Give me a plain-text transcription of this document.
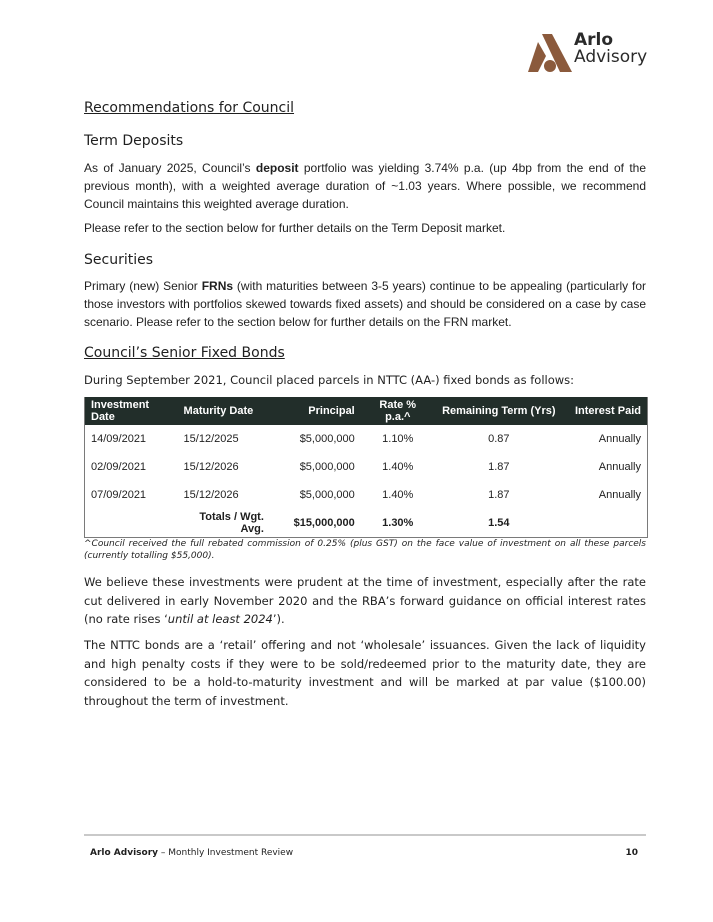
Arlo
Advisory
Recommendations for Council
Term Deposits

As of January 2025, Council’s deposit portfolio was yielding 3.74% p.a. (up 4bp from the end of the previous month), with a weighted average duration of ~1.03 years. Where possible, we recommend Council maintains this weighted average duration.

Please refer to the section below for further details on the Term Deposit market.

Securities

Primary (new) Senior FRNs (with maturities between 3-5 years) continue to be appealing (particularly for those investors with portfolios skewed towards fixed assets) and should be considered on a case by case scenario. Please refer to the section below for further details on the FRN market.

Council’s Senior Fixed Bonds

During September 2021, Council placed parcels in NTTC (AA-) fixed bonds as follows:

Investment Date	Maturity Date	Principal	Rate % p.a.^	Remaining Term (Yrs)	Interest Paid
14/09/2021	15/12/2025	$5,000,000	1.10%	0.87	Annually
02/09/2021	15/12/2026	$5,000,000	1.40%	1.87	Annually
07/09/2021	15/12/2026	$5,000,000	1.40%	1.87	Annually
	Totals / Wgt. Avg.	$15,000,000	1.30%	1.54	

^Council received the full rebated commission of 0.25% (plus GST) on the face value of investment on all these parcels (currently totalling $55,000).

We believe these investments were prudent at the time of investment, especially after the rate cut delivered in early November 2020 and the RBA’s forward guidance on official interest rates (no rate rises ‘until at least 2024’).

The NTTC bonds are a ‘retail’ offering and not ‘wholesale’ issuances. Given the lack of liquidity and high penalty costs if they were to be sold/redeemed prior to the maturity date, they are considered to be a hold-to-maturity investment and will be marked at par value ($100.00) throughout the term of investment.

Arlo Advisory – Monthly Investment Review	10
